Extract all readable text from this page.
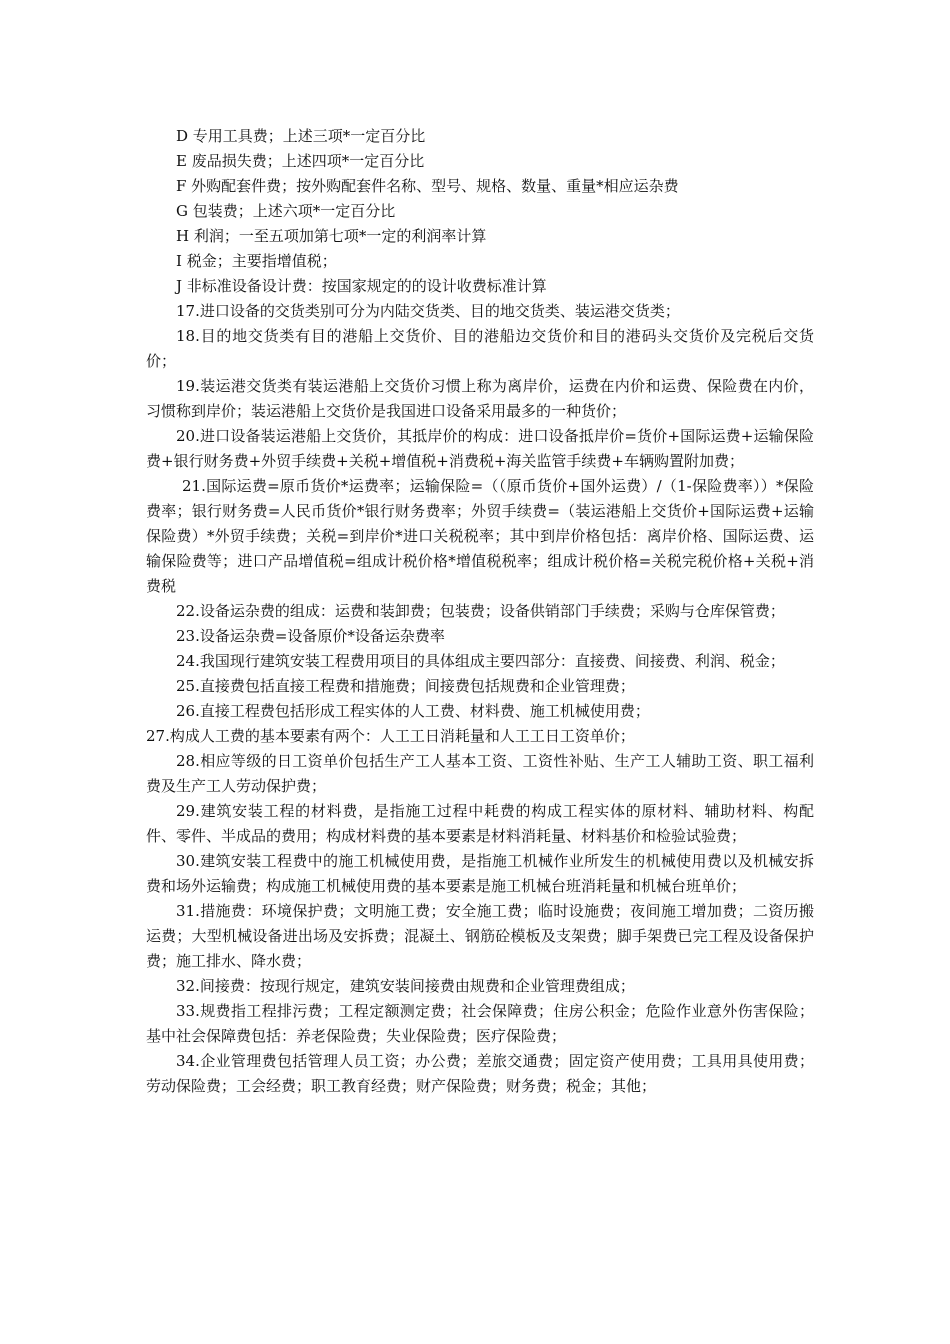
D 专用工具费；上述三项*一定百分比

E 废品损失费；上述四项*一定百分比

F 外购配套件费；按外购配套件名称、型号、规格、数量、重量*相应运杂费

G 包装费；上述六项*一定百分比

H 利润；一至五项加第七项*一定的利润率计算

I 税金；主要指增值税；

J 非标准设备设计费：按国家规定的的设计收费标准计算

17.进口设备的交货类别可分为内陆交货类、目的地交货类、装运港交货类；

18.目的地交货类有目的港船上交货价、目的港船边交货价和目的港码头交货价及完税后交货价；

19.装运港交货类有装运港船上交货价习惯上称为离岸价，运费在内价和运费、保险费在内价，习惯称到岸价；装运港船上交货价是我国进口设备采用最多的一种货价；

20.进口设备装运港船上交货价，其抵岸价的构成：进口设备抵岸价=货价+国际运费+运输保险费+银行财务费+外贸手续费+关税+增值税+消费税+海关监管手续费+车辆购置附加费；

21.国际运费=原币货价*运费率；运输保险=（（原币货价+国外运费）/（1-保险费率））*保险费率；银行财务费=人民币货价*银行财务费率；外贸手续费=（装运港船上交货价+国际运费+运输保险费）*外贸手续费；关税=到岸价*进口关税税率；其中到岸价格包括：离岸价格、国际运费、运输保险费等；进口产品增值税=组成计税价格*增值税税率；组成计税价格=关税完税价格+关税+消费税

22.设备运杂费的组成：运费和装卸费；包装费；设备供销部门手续费；采购与仓库保管费；

23.设备运杂费=设备原价*设备运杂费率

24.我国现行建筑安装工程费用项目的具体组成主要四部分：直接费、间接费、利润、税金；

25.直接费包括直接工程费和措施费；间接费包括规费和企业管理费；

26.直接工程费包括形成工程实体的人工费、材料费、施工机械使用费；

27.构成人工费的基本要素有两个：人工工日消耗量和人工工日工资单价；

28.相应等级的日工资单价包括生产工人基本工资、工资性补贴、生产工人辅助工资、职工福利费及生产工人劳动保护费；

29.建筑安装工程的材料费，是指施工过程中耗费的构成工程实体的原材料、辅助材料、构配件、零件、半成品的费用；构成材料费的基本要素是材料消耗量、材料基价和检验试验费；

30.建筑安装工程费中的施工机械使用费，是指施工机械作业所发生的机械使用费以及机械安拆费和场外运输费；构成施工机械使用费的基本要素是施工机械台班消耗量和机械台班单价；

31.措施费：环境保护费；文明施工费；安全施工费；临时设施费；夜间施工增加费；二资历搬运费；大型机械设备进出场及安拆费；混凝土、钢筋砼模板及支架费；脚手架费已完工程及设备保护费；施工排水、降水费；

32.间接费：按现行规定，建筑安装间接费由规费和企业管理费组成；

33.规费指工程排污费；工程定额测定费；社会保障费；住房公积金；危险作业意外伤害保险；基中社会保障费包括：养老保险费；失业保险费；医疗保险费；

34.企业管理费包括管理人员工资；办公费；差旅交通费；固定资产使用费；工具用具使用费；劳动保险费；工会经费；职工教育经费；财产保险费；财务费；税金；其他；
